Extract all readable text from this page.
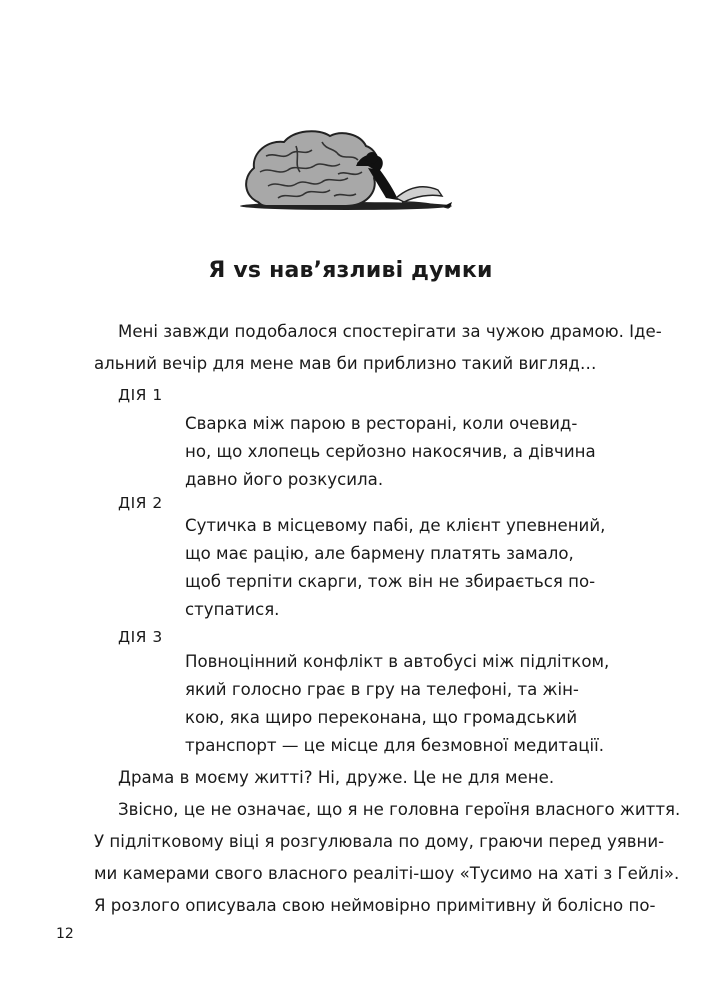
Я vs нав’язливі думки
Мені завжди подобалося спостерігати за чужою драмою. Іде-
альний вечір для мене мав би приблизно такий вигляд…
ДІЯ 1
Сварка між парою в ресторані, коли очевид-
но, що хлопець серйозно накосячив, а дівчина
давно його розкусила.
ДІЯ 2
Сутичка в місцевому пабі, де клієнт упевнений,
що має рацію, але бармену платять замало,
щоб терпіти скарги, тож він не збирається по-
ступатися.
ДІЯ 3
Повноцінний конфлікт в автобусі між підлітком,
який голосно грає в гру на телефоні, та жін-
кою, яка щиро переконана, що громадський
транспорт — це місце для безмовної медитації.
Драма в моєму житті? Ні, друже. Це не для мене.
Звісно, це не означає, що я не головна героїня власного життя.
У підлітковому віці я розгулювала по дому, граючи перед уявни-
ми камерами свого власного реаліті-шоу «Тусимо на хаті з Гейлі».
Я розлого описувала свою неймовірно примітивну й болісно по-
12
